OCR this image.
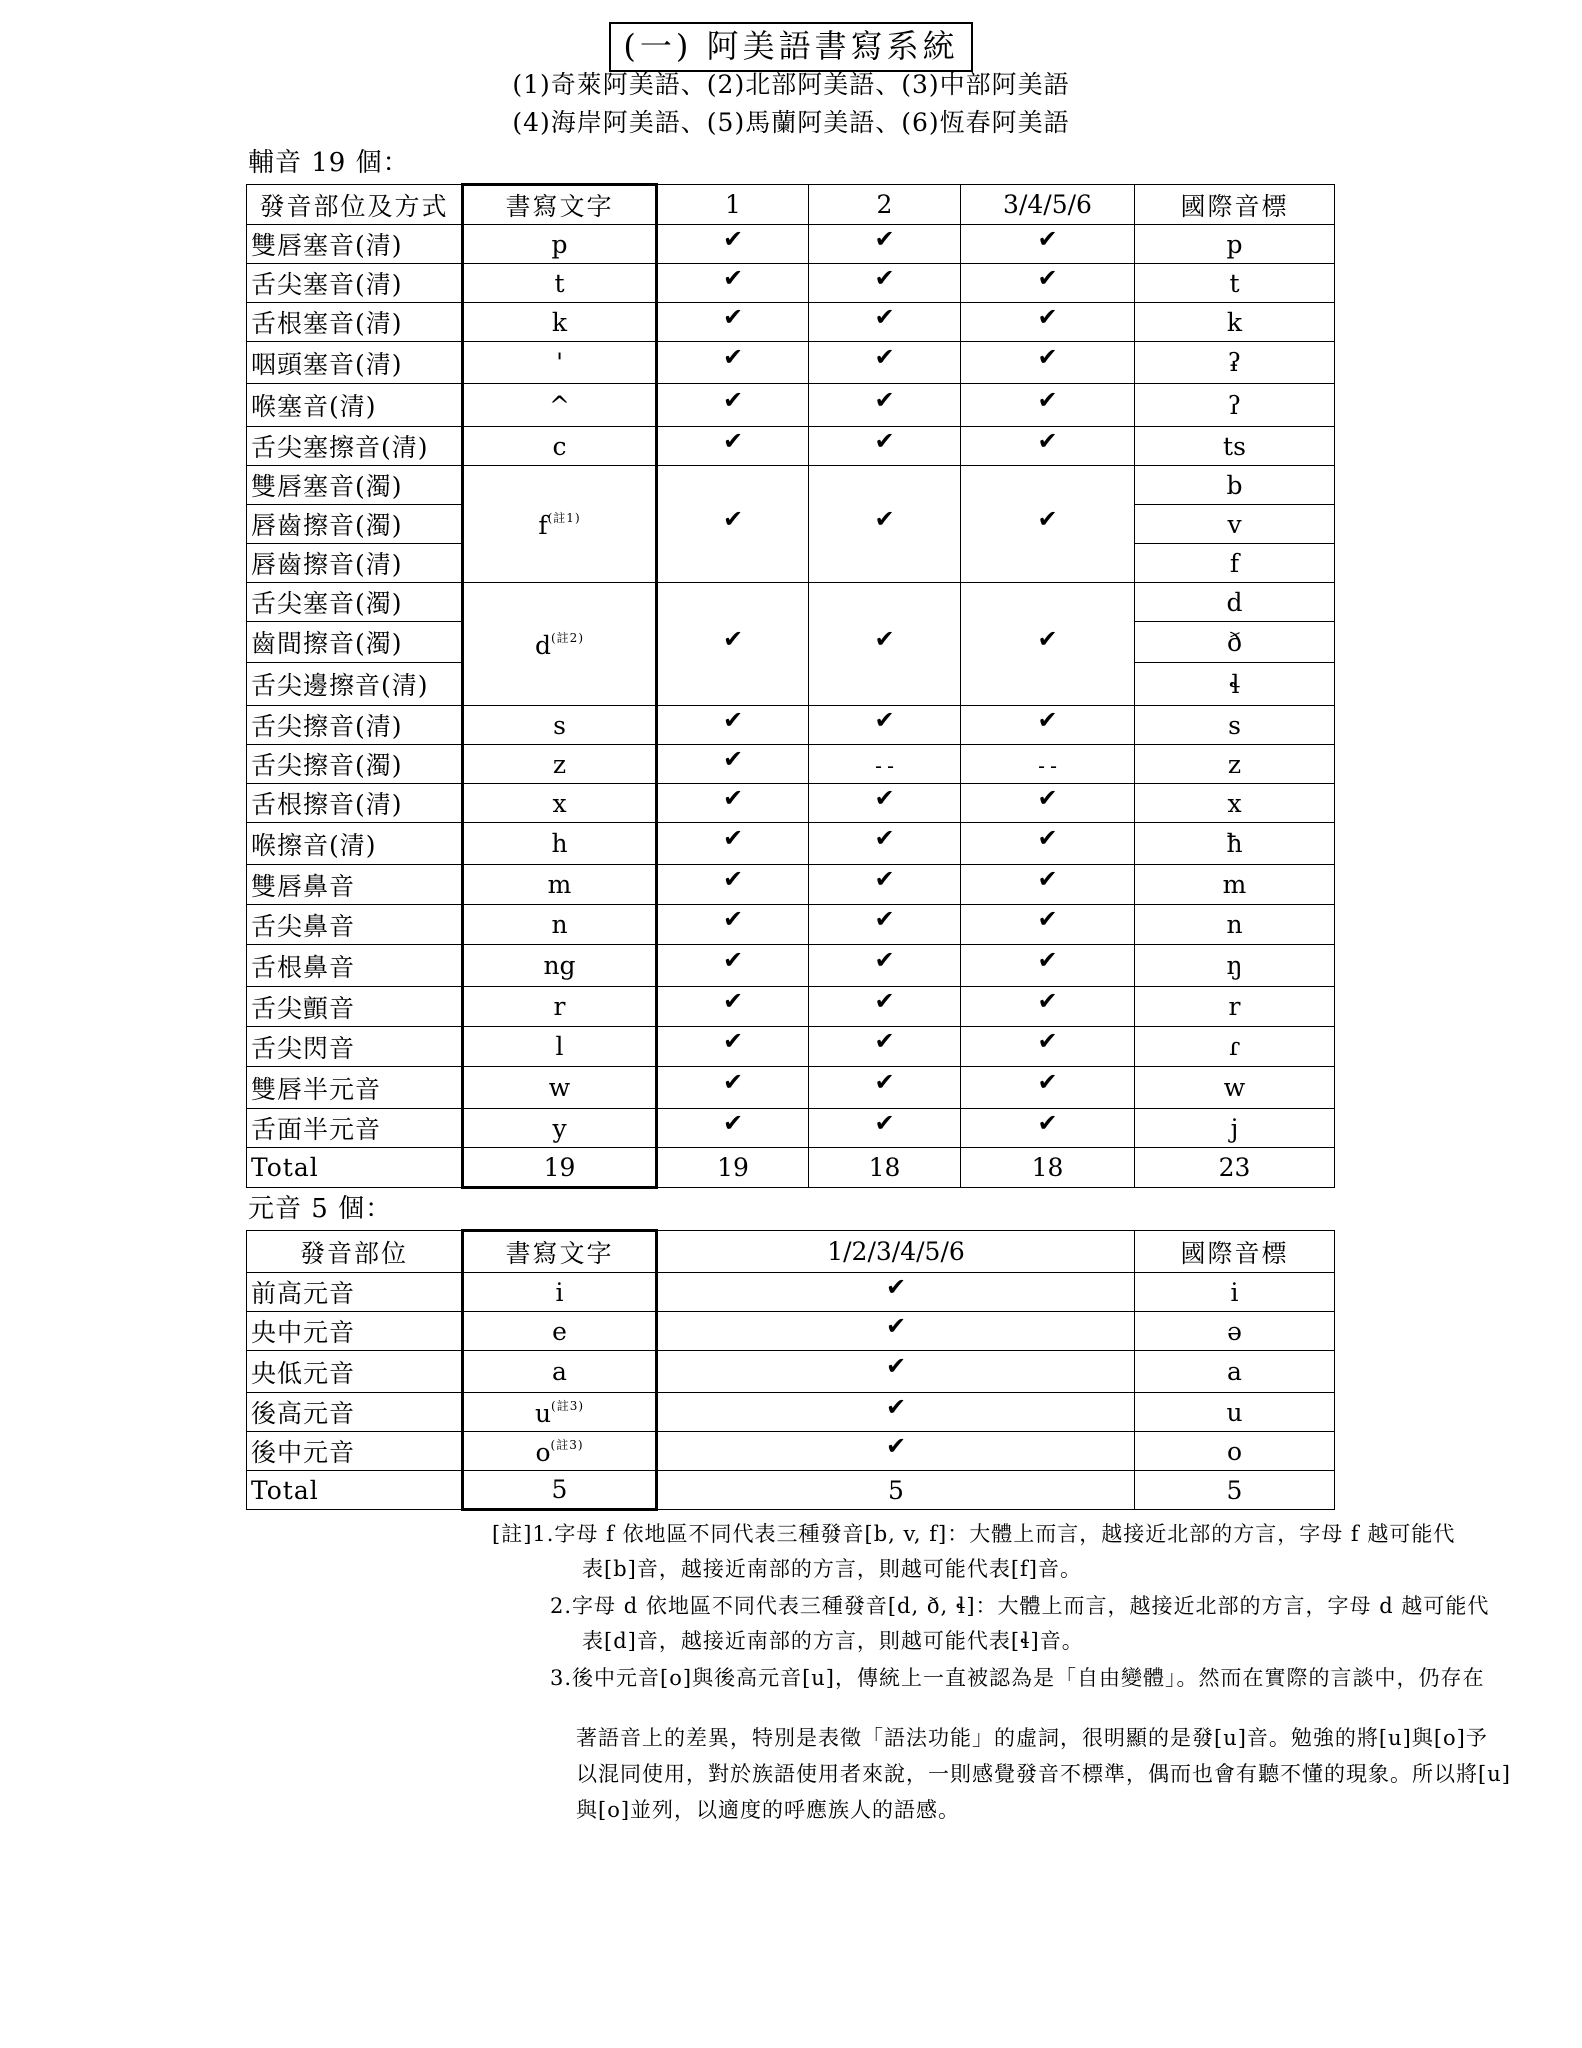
(一) 阿美語書寫系統
(1)奇萊阿美語、(2)北部阿美語、(3)中部阿美語
(4)海岸阿美語、(5)馬蘭阿美語、(6)恆春阿美語
輔音 19 個：
發音部位及方式	書寫文字	1	2	3/4/5/6	國際音標
雙唇塞音(清)	p	✔	✔	✔	p
舌尖塞音(清)	t	✔	✔	✔	t
舌根塞音(清)	k	✔	✔	✔	k
咽頭塞音(清)	'	✔	✔	✔	ʡ
喉塞音(清)	^	✔	✔	✔	ʔ
舌尖塞擦音(清)	c	✔	✔	✔	ts
雙唇塞音(濁)	f$^{(註1)}$	✔	✔	✔	b
唇齒擦音(濁)					v
唇齒擦音(清)					f
舌尖塞音(濁)	d$^{(註2)}$	✔	✔	✔	d
齒間擦音(濁)					ð
舌尖邊擦音(清)					ɬ
舌尖擦音(清)	s	✔	✔	✔	s
舌尖擦音(濁)	z	✔	--	--	z
舌根擦音(清)	x	✔	✔	✔	x
喉擦音(清)	h	✔	✔	✔	ħ
雙唇鼻音	m	✔	✔	✔	m
舌尖鼻音	n	✔	✔	✔	n
舌根鼻音	ng	✔	✔	✔	ŋ
舌尖顫音	r	✔	✔	✔	r
舌尖閃音	l	✔	✔	✔	ɾ
雙唇半元音	w	✔	✔	✔	w
舌面半元音	y	✔	✔	✔	j
Total	19	19	18	18	23
元音 5 個：
發音部位	書寫文字	1/2/3/4/5/6	國際音標
前高元音	i	✔	i
央中元音	e	✔	ə
央低元音	a	✔	a
後高元音	u$^{(註3)}$	✔	u
後中元音	o$^{(註3)}$	✔	o
Total	5	5	5
[註]1.字母 f 依地區不同代表三種發音[b, v, f]：大體上而言，越接近北部的方言，字母 f 越可能代
表[b]音，越接近南部的方言，則越可能代表[f]音。
2.字母 d 依地區不同代表三種發音[d, ð, ɬ]：大體上而言，越接近北部的方言，字母 d 越可能代
表[d]音，越接近南部的方言，則越可能代表[ɬ]音。
3.後中元音[o]與後高元音[u]，傳統上一直被認為是「自由變體」。然而在實際的言談中，仍存在
著語音上的差異，特別是表徵「語法功能」的虛詞，很明顯的是發[u]音。勉強的將[u]與[o]予
以混同使用，對於族語使用者來說，一則感覺發音不標準，偶而也會有聽不懂的現象。所以將[u]
與[o]並列，以適度的呼應族人的語感。
